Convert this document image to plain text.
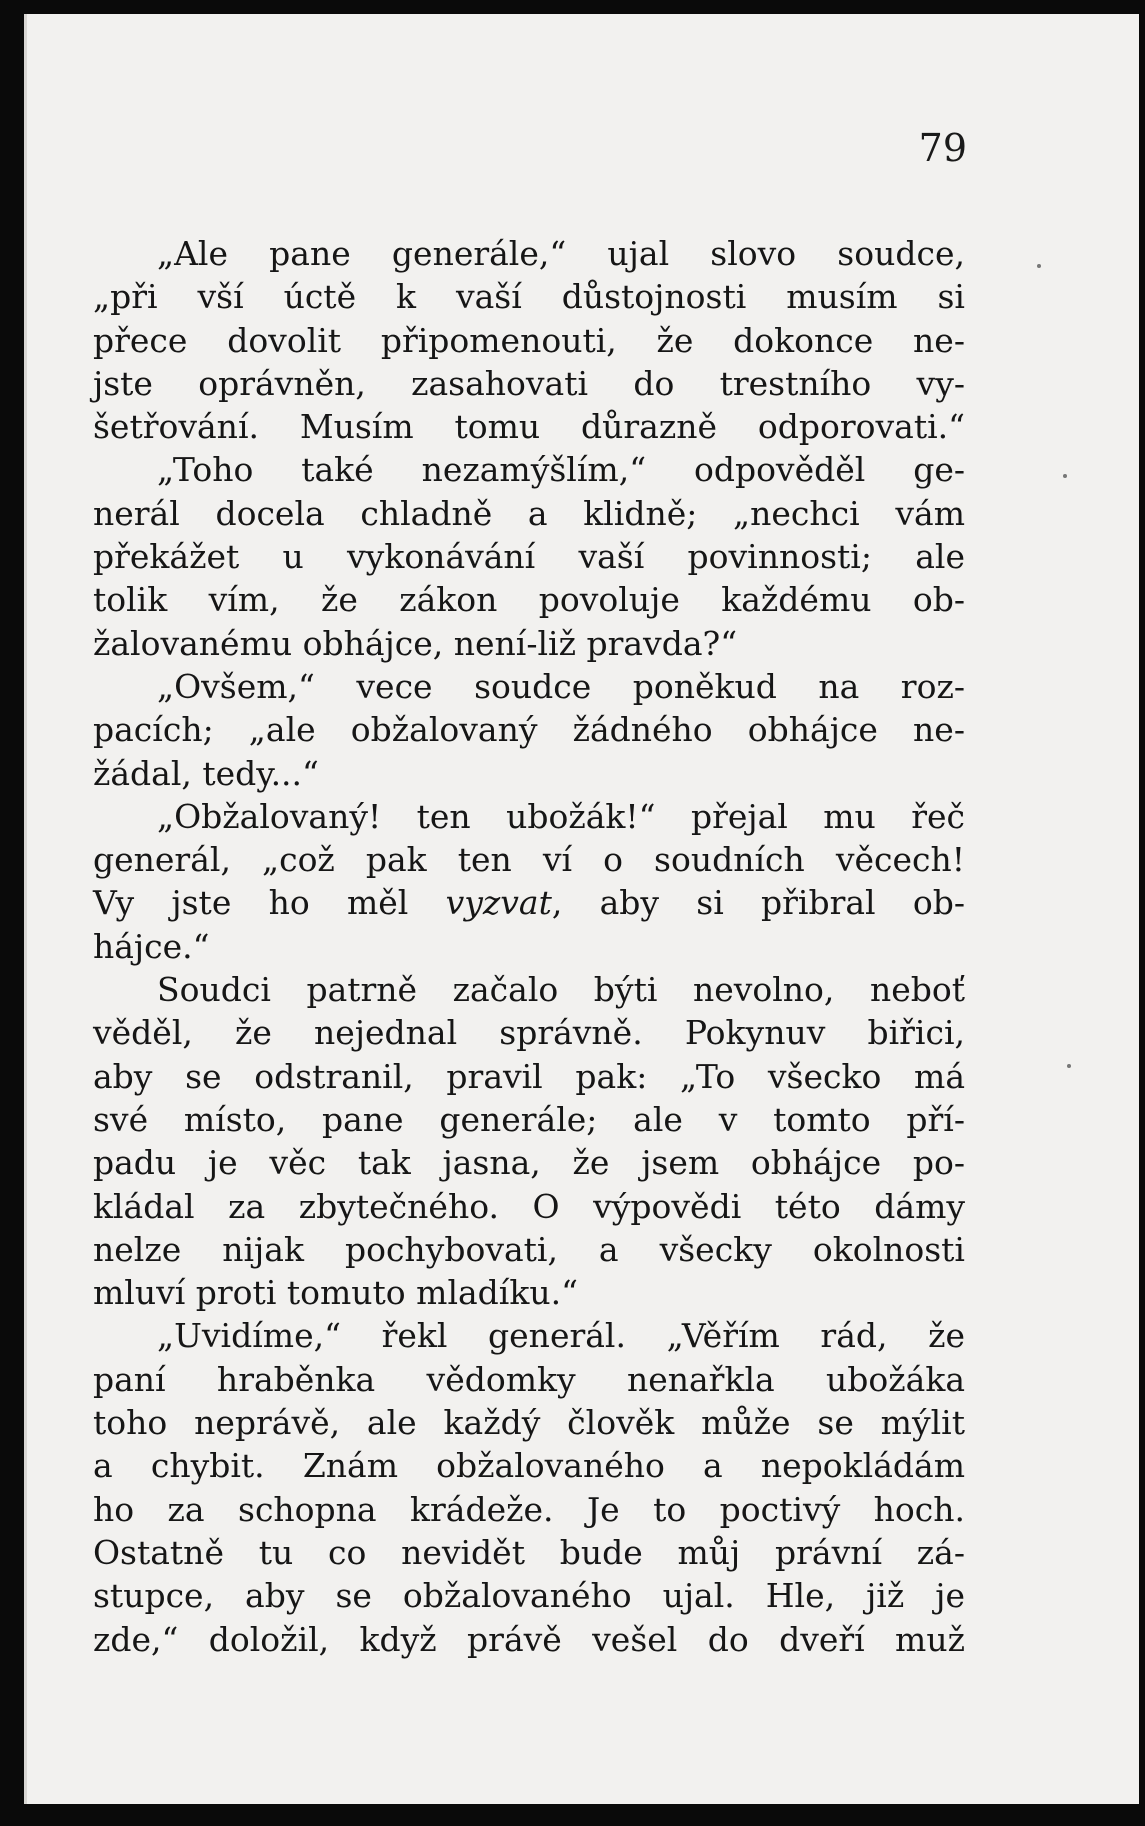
79
„Ale pane generále,“ ujal slovo soudce,
„při vší úctě k vaší důstojnosti musím si
přece dovolit připomenouti, že dokonce ne-
jste oprávněn, zasahovati do trestního vy-
šetřování. Musím tomu důrazně odporovati.“
„Toho také nezamýšlím,“ odpověděl ge-
nerál docela chladně a klidně; „nechci vám
překážet u vykonávání vaší povinnosti; ale
tolik vím, že zákon povoluje každému ob-
žalovanému obhájce, není-liž pravda?“
„Ovšem,“ vece soudce poněkud na roz-
pacích; „ale obžalovaný žádného obhájce ne-
žádal, tedy...“
„Obžalovaný! ten ubožák!“ přejal mu řeč
generál, „což pak ten ví o soudních věcech!
Vy jste ho měl vyzvat, aby si přibral ob-
hájce.“
Soudci patrně začalo býti nevolno, neboť
věděl, že nejednal správně. Pokynuv biřici,
aby se odstranil, pravil pak: „To všecko má
své místo, pane generále; ale v tomto pří-
padu je věc tak jasna, že jsem obhájce po-
kládal za zbytečného. O výpovědi této dámy
nelze nijak pochybovati, a všecky okolnosti
mluví proti tomuto mladíku.“
„Uvidíme,“ řekl generál. „Věřím rád, že
paní hraběnka vědomky nenařkla ubožáka
toho neprávě, ale každý člověk může se mýlit
a chybit. Znám obžalovaného a nepokládám
ho za schopna krádeže. Je to poctivý hoch.
Ostatně tu co nevidět bude můj právní zá-
stupce, aby se obžalovaného ujal. Hle, již je
zde,“ doložil, když právě vešel do dveří muž
